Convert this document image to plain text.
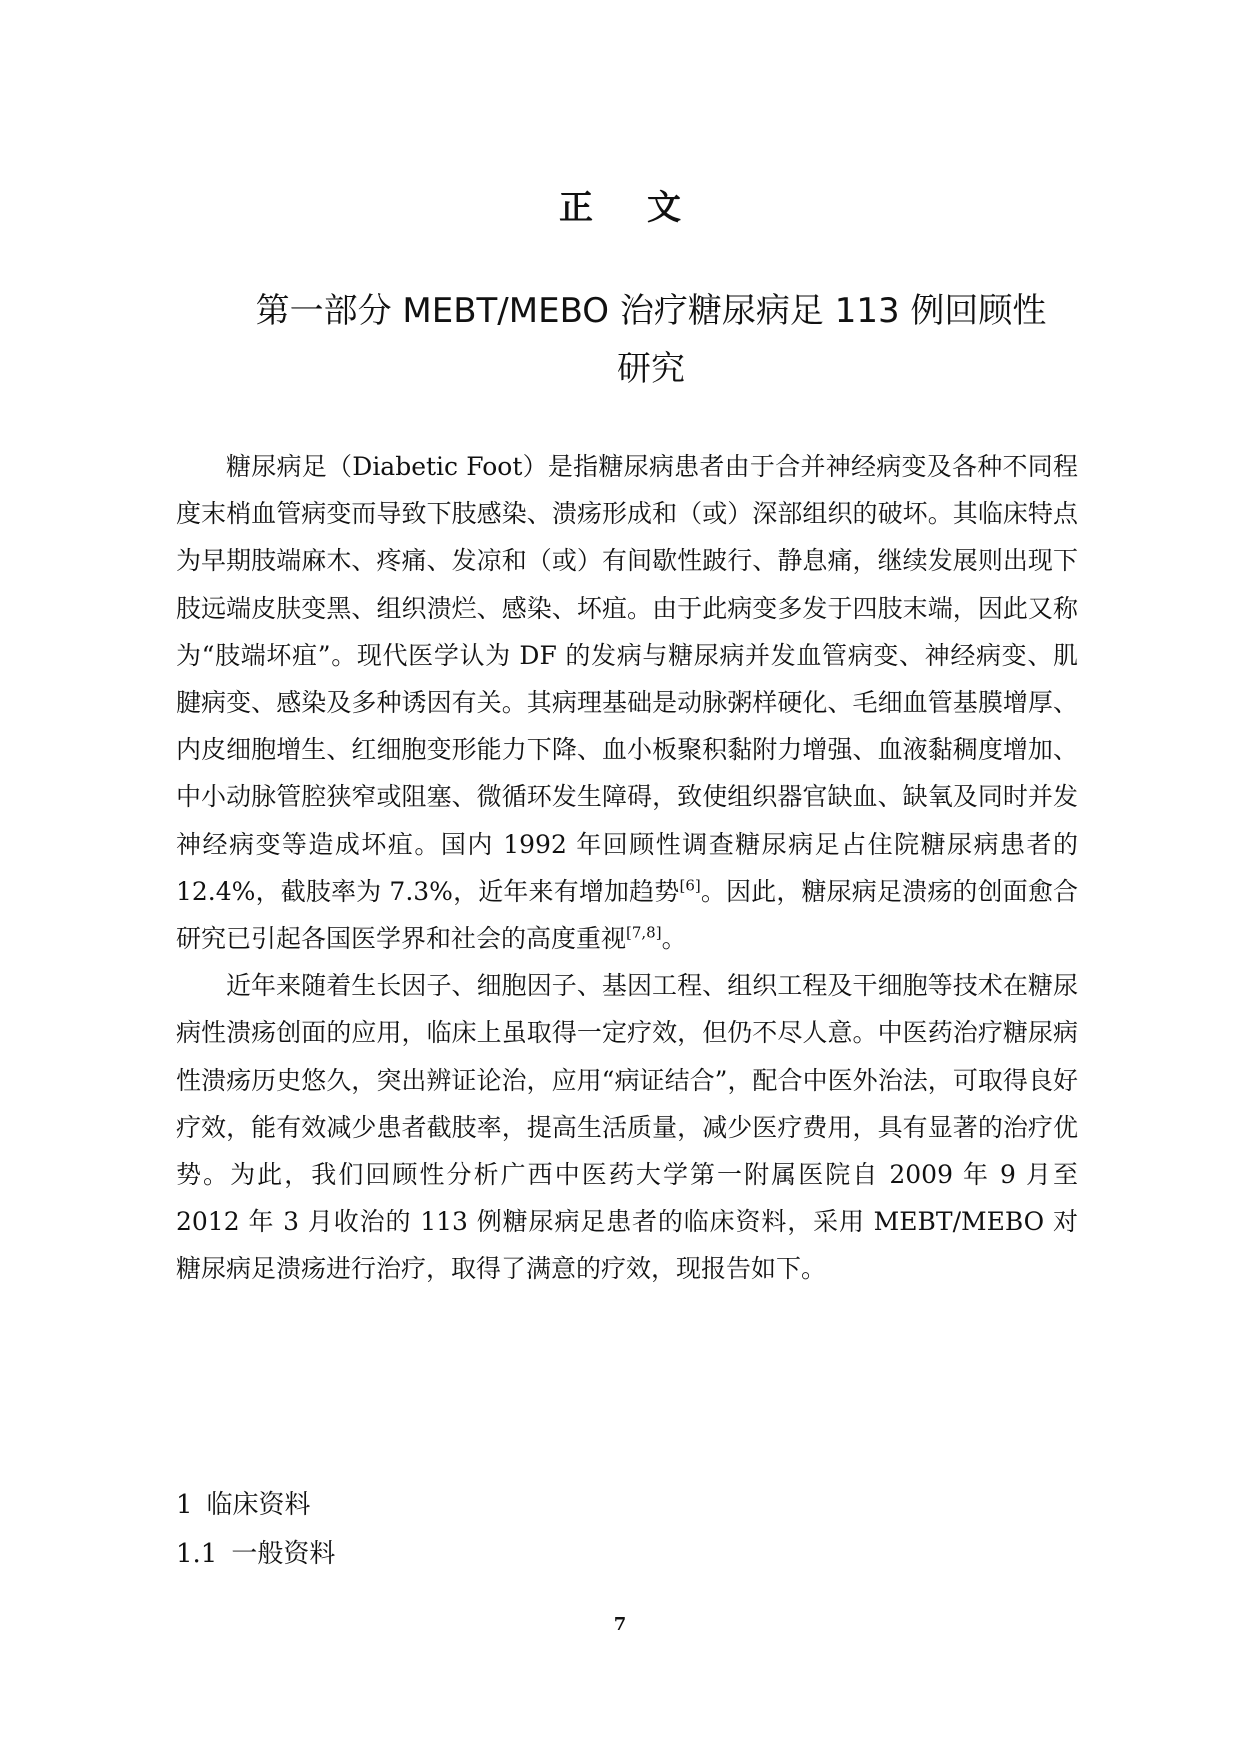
正 文
第一部分 MEBT/MEBO 治疗糖尿病足 113 例回顾性
研究

糖尿病足（Diabetic Foot）是指糖尿病患者由于合并神经病变及各种不同程度末梢血管病变而导致下肢感染、溃疡形成和（或）深部组织的破坏。其临床特点为早期肢端麻木、疼痛、发凉和（或）有间歇性跛行、静息痛，继续发展则出现下肢远端皮肤变黑、组织溃烂、感染、坏疽。由于此病变多发于四肢末端，因此又称为“肢端坏疽”。现代医学认为 DF 的发病与糖尿病并发血管病变、神经病变、肌腱病变、感染及多种诱因有关。其病理基础是动脉粥样硬化、毛细血管基膜增厚、内皮细胞增生、红细胞变形能力下降、血小板聚积黏附力增强、血液黏稠度增加、中小动脉管腔狭窄或阻塞、微循环发生障碍，致使组织器官缺血、缺氧及同时并发神经病变等造成坏疽。国内 1992 年回顾性调查糖尿病足占住院糖尿病患者的 12.4%，截肢率为 7.3%，近年来有增加趋势[6]。因此，糖尿病足溃疡的创面愈合研究已引起各国医学界和社会的高度重视[7,8]。

近年来随着生长因子、细胞因子、基因工程、组织工程及干细胞等技术在糖尿病性溃疡创面的应用，临床上虽取得一定疗效，但仍不尽人意。中医药治疗糖尿病性溃疡历史悠久，突出辨证论治，应用“病证结合”，配合中医外治法，可取得良好疗效，能有效减少患者截肢率，提高生活质量，减少医疗费用，具有显著的治疗优势。为此，我们回顾性分析广西中医药大学第一附属医院自 2009 年 9 月至 2012 年 3 月收治的 113 例糖尿病足患者的临床资料，采用 MEBT/MEBO 对糖尿病足溃疡进行治疗，取得了满意的疗效，现报告如下。

1 临床资料
1.1 一般资料
7
